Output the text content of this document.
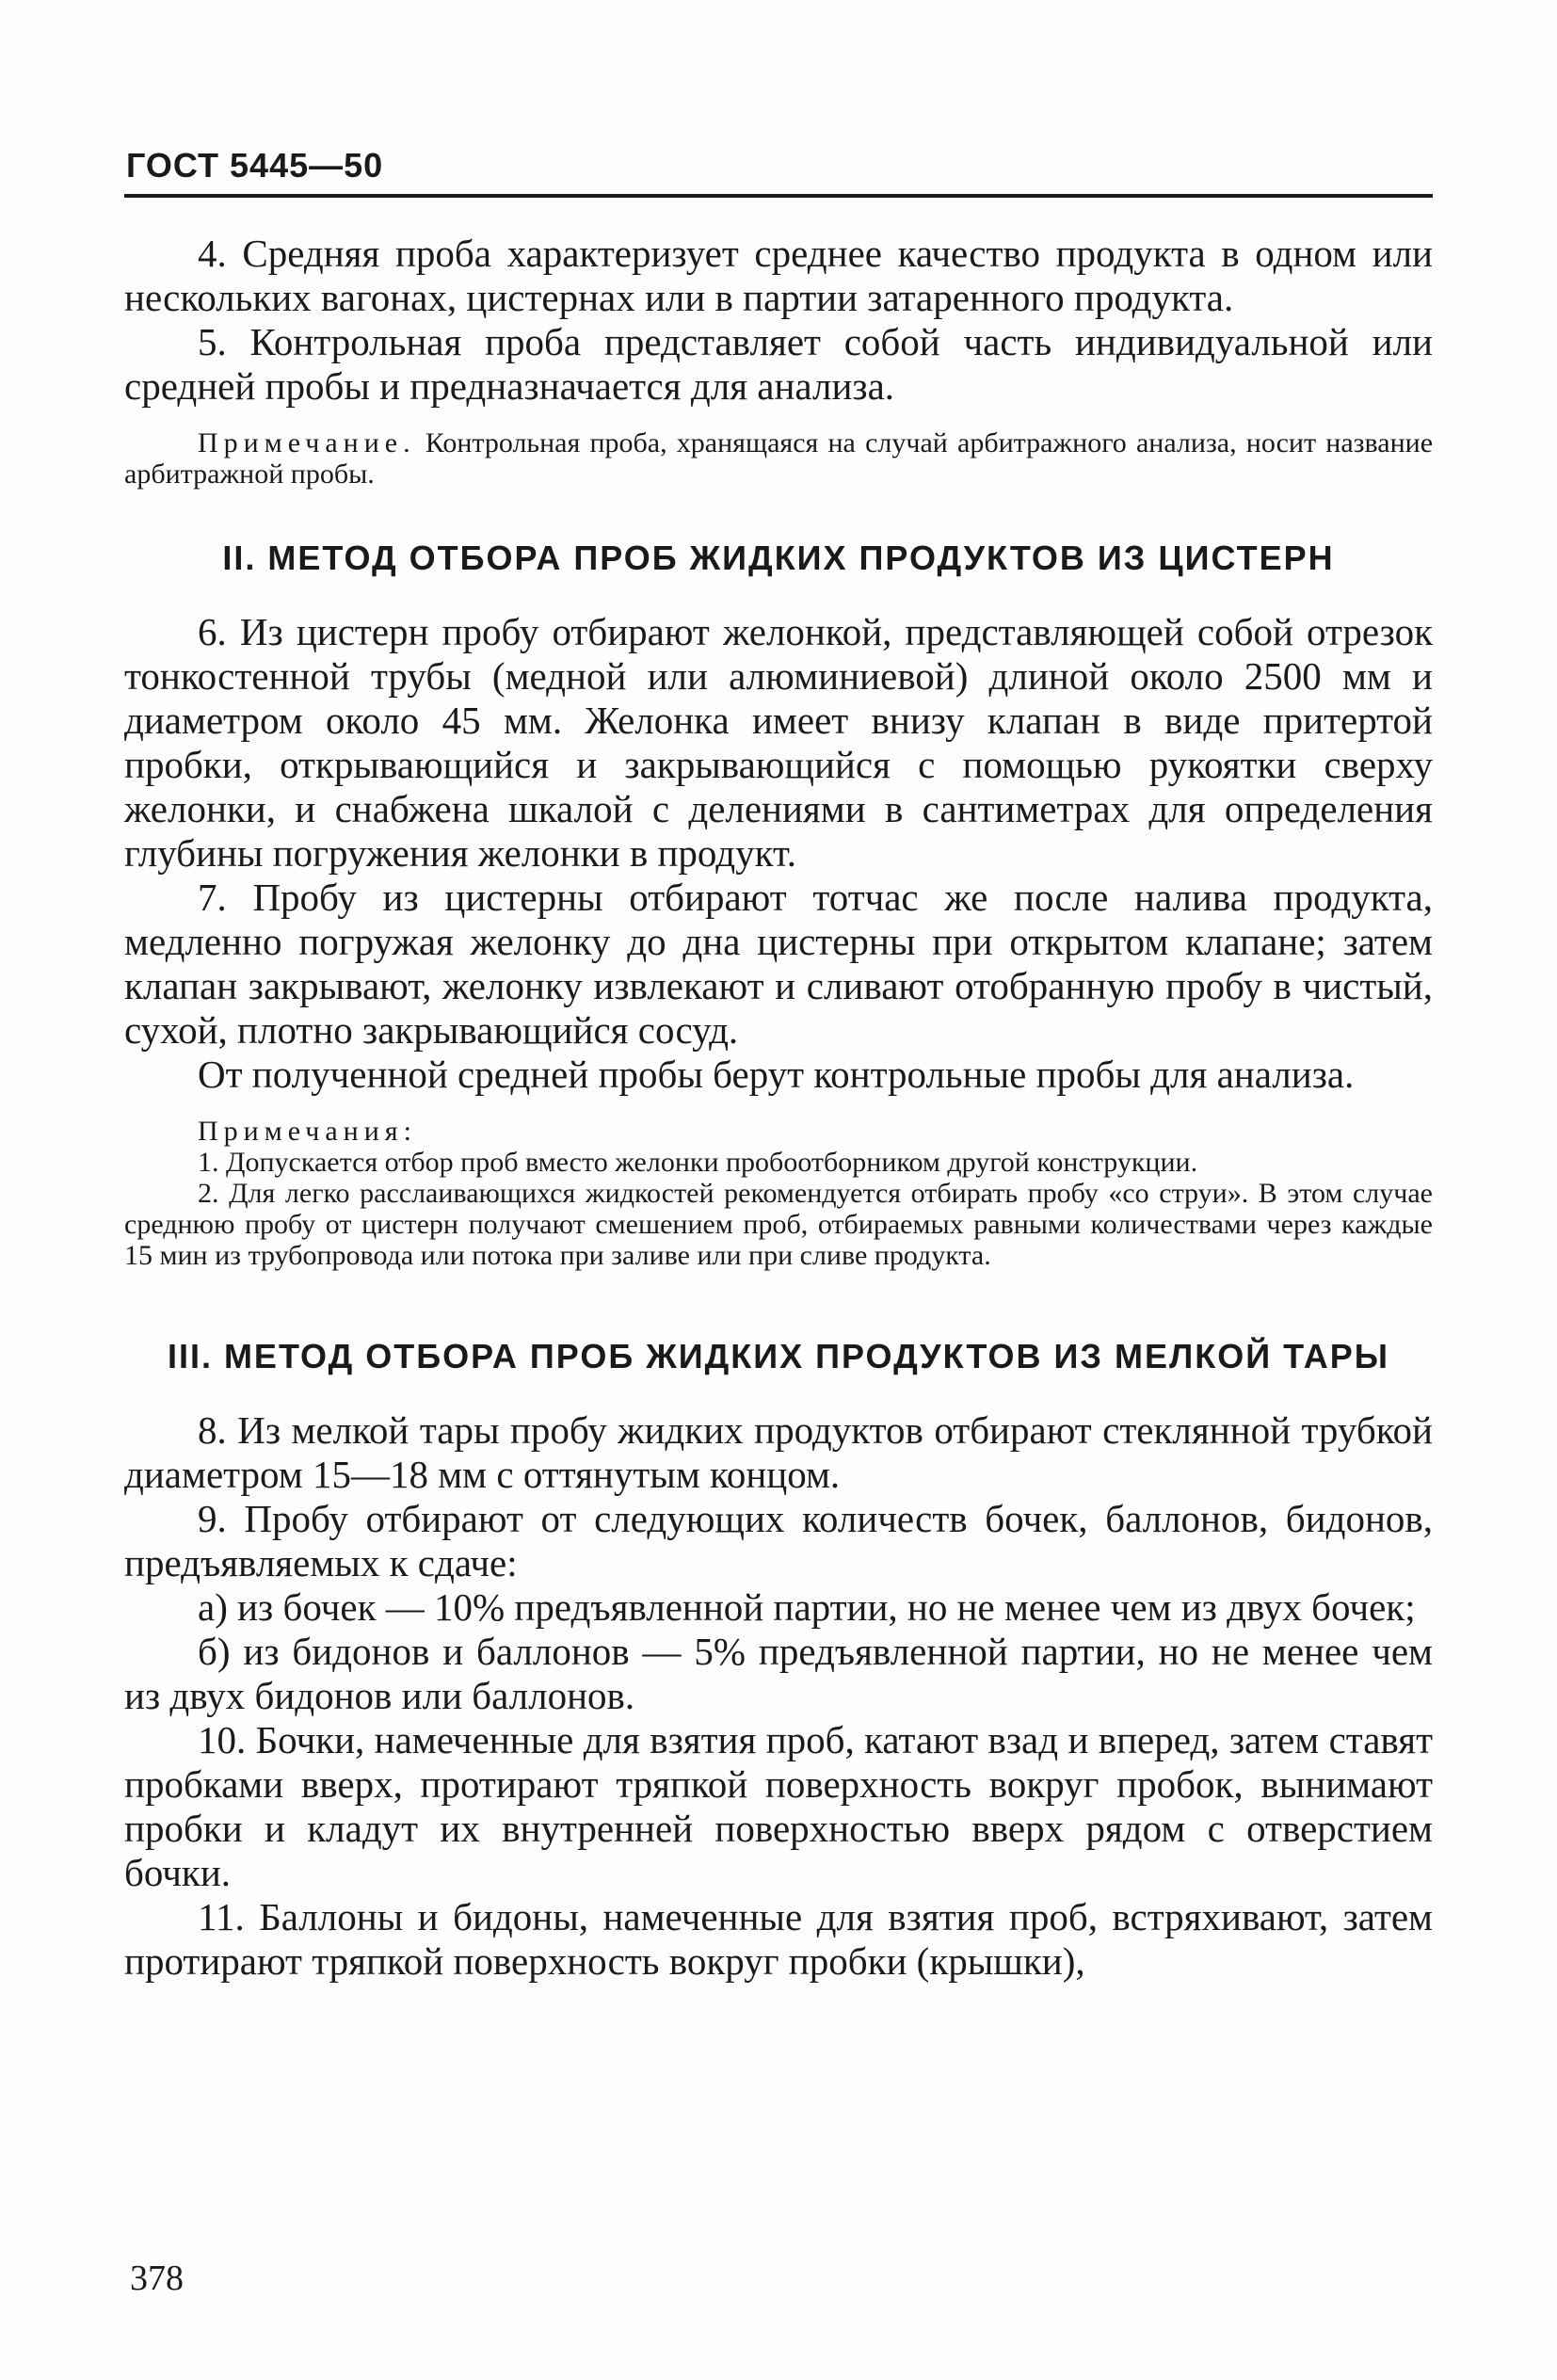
ГОСТ 5445—50

4. Средняя проба характеризует среднее качество продукта в одном или нескольких вагонах, цистернах или в партии затаренного продукта.

5. Контрольная проба представляет собой часть индивидуальной или средней пробы и предназначается для анализа.

Примечание. Контрольная проба, хранящаяся на случай арбитражного анализа, носит название арбитражной пробы.

II. МЕТОД ОТБОРА ПРОБ ЖИДКИХ ПРОДУКТОВ ИЗ ЦИСТЕРН

6. Из цистерн пробу отбирают желонкой, представляющей собой отрезок тонкостенной трубы (медной или алюминиевой) длиной около 2500 мм и диаметром около 45 мм. Желонка имеет внизу клапан в виде притертой пробки, открывающийся и закрывающийся с помощью рукоятки сверху желонки, и снабжена шкалой с делениями в сантиметрах для определения глубины погружения желонки в продукт.

7. Пробу из цистерны отбирают тотчас же после налива продукта, медленно погружая желонку до дна цистерны при открытом клапане; затем клапан закрывают, желонку извлекают и сливают отобранную пробу в чистый, сухой, плотно закрывающийся сосуд.

От полученной средней пробы берут контрольные пробы для анализа.

Примечания:

1. Допускается отбор проб вместо желонки пробоотборником другой конструкции.

2. Для легко расслаивающихся жидкостей рекомендуется отбирать пробу «со струи». В этом случае среднюю пробу от цистерн получают смешением проб, отбираемых равными количествами через каждые 15 мин из трубопровода или потока при заливе или при сливе продукта.

III. МЕТОД ОТБОРА ПРОБ ЖИДКИХ ПРОДУКТОВ ИЗ МЕЛКОЙ ТАРЫ

8. Из мелкой тары пробу жидких продуктов отбирают стеклянной трубкой диаметром 15—18 мм с оттянутым концом.

9. Пробу отбирают от следующих количеств бочек, баллонов, бидонов, предъявляемых к сдаче:

а) из бочек — 10% предъявленной партии, но не менее чем из двух бочек;

б) из бидонов и баллонов — 5% предъявленной партии, но не менее чем из двух бидонов или баллонов.

10. Бочки, намеченные для взятия проб, катают взад и вперед, затем ставят пробками вверх, протирают тряпкой поверхность вокруг пробок, вынимают пробки и кладут их внутренней поверхностью вверх рядом с отверстием бочки.

11. Баллоны и бидоны, намеченные для взятия проб, встряхивают, затем протирают тряпкой поверхность вокруг пробки (крышки),

378
